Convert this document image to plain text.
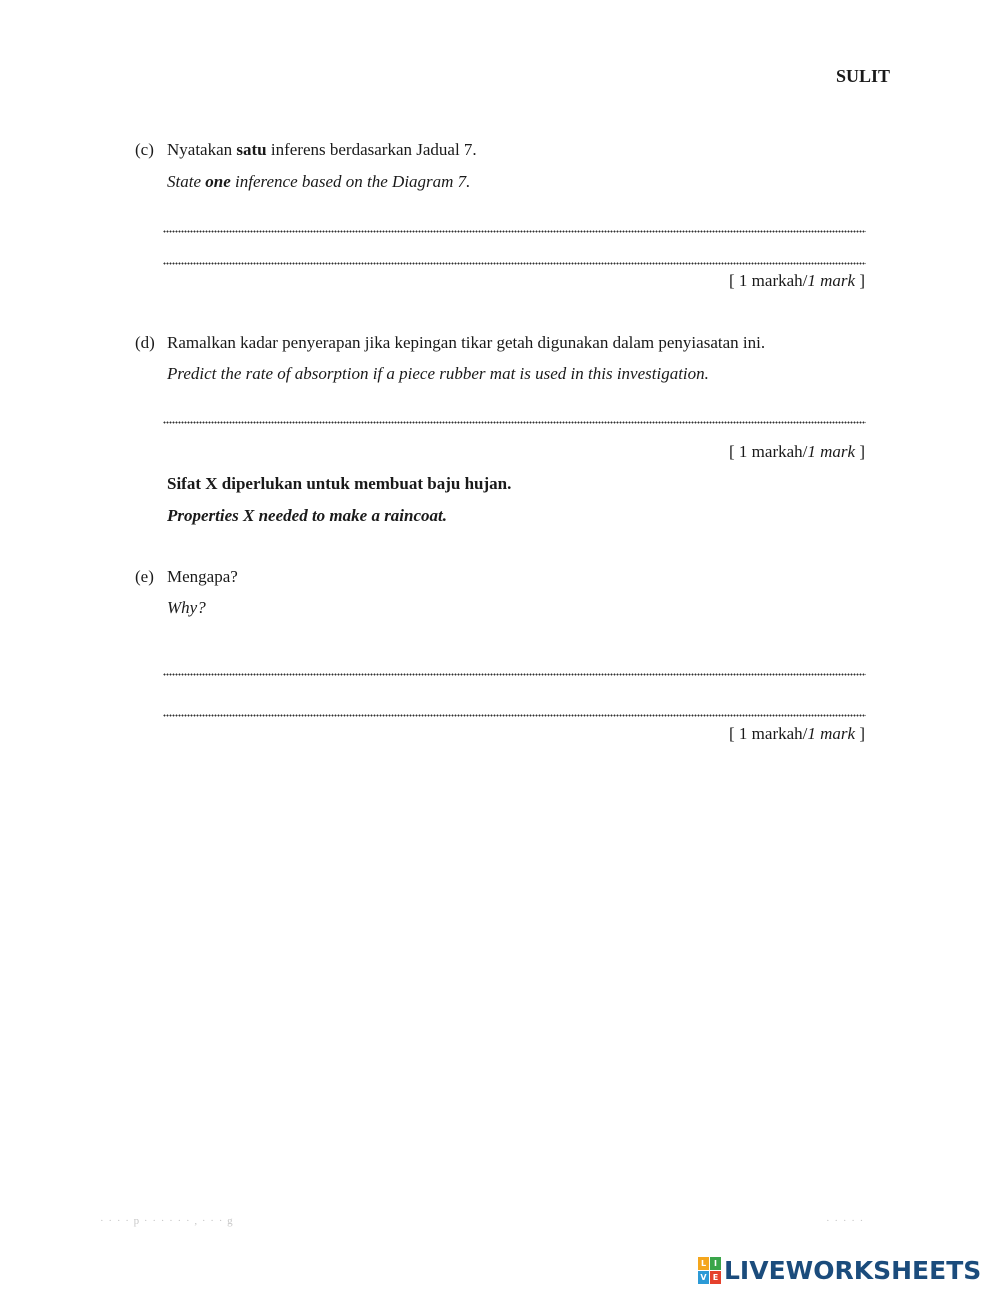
SULIT
(c) Nyatakan satu inferens berdasarkan Jadual 7.
State one inference based on the Diagram 7.
[ 1 markah/1 mark ]
(d) Ramalkan kadar penyerapan jika kepingan tikar getah digunakan dalam penyiasatan ini.
Predict the rate of absorption if a piece rubber mat is used in this investigation.
[ 1 markah/1 mark ]
Sifat X diperlukan untuk membuat baju hujan.
Properties X needed to make a raincoat.
(e) Mengapa?
Why?
[ 1 markah/1 mark ]
· · · · p · · · · · · , · · · g	· · · · ·
L I
V E LIVEWORKSHEETS
